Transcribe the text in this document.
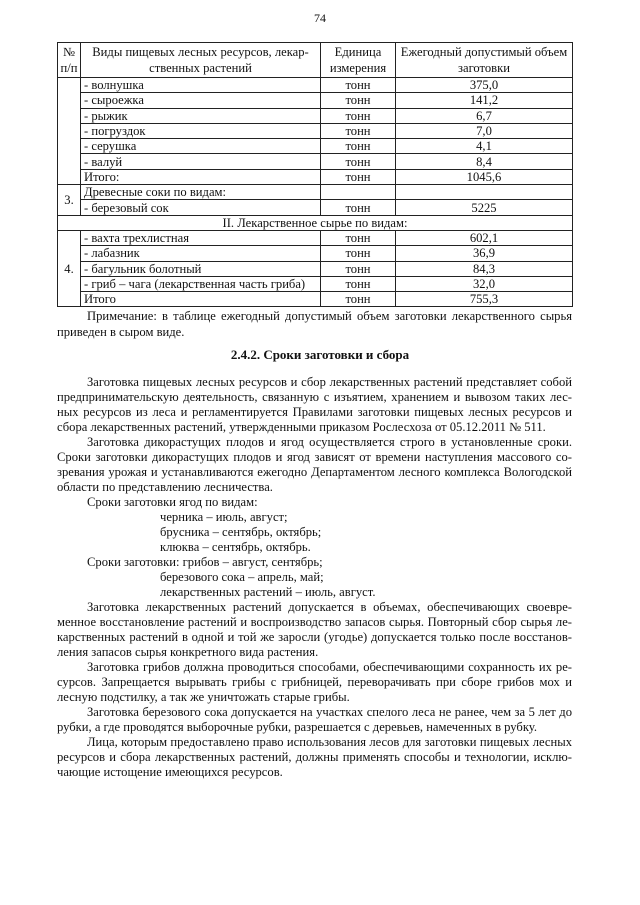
74
№ п/п	Виды пищевых лесных ресурсов, лекар-ственных растений	Единица измерения	Ежегодный допустимый объем заготовки
	- волнушка	тонн	375,0
	- сыроежка	тонн	141,2
	- рыжик	тонн	6,7
	- погруздок	тонн	7,0
	- серушка	тонн	4,1
	- валуй	тонн	8,4
	Итого:	тонн	1045,6
3.	Древесные соки по видам:		
	- березовый сок	тонн	5225
II. Лекарственное сырье по видам:			
4.	- вахта трехлистная	тонн	602,1
	- лабазник	тонн	36,9
	- багульник болотный	тонн	84,3
	- гриб – чага (лекарственная часть гриба)	тонн	32,0
	Итого	тонн	755,3
Примечание: в таблице ежегодный допустимый объем заготовки лекарственного сырья
приведен в сыром виде.
2.4.2. Сроки заготовки и сбора
Заготовка пищевых лесных ресурсов и сбор лекарственных растений представляет собой
предпринимательскую деятельность, связанную с изъятием, хранением и вывозом таких лес-
ных ресурсов из леса и регламентируется Правилами заготовки пищевых лесных ресурсов и
сбора лекарственных растений, утвержденными приказом Рослесхоза от 05.12.2011 № 511.
Заготовка дикорастущих плодов и ягод осуществляется строго в установленные сроки.
Сроки заготовки дикорастущих плодов и ягод зависят от времени наступления массового со-
зревания урожая и устанавливаются ежегодно Департаментом лесного комплекса Вологодской
области по представлению лесничества.
Сроки заготовки ягод по видам:
черника – июль, август;
брусника – сентябрь, октябрь;
клюква – сентябрь, октябрь.
Сроки заготовки: грибов – август, сентябрь;
березового сока – апрель, май;
лекарственных растений – июль, август.
Заготовка лекарственных растений допускается в объемах, обеспечивающих своевре-
менное восстановление растений и воспроизводство запасов сырья. Повторный сбор сырья ле-
карственных растений в одной и той же заросли (угодье) допускается только после восстанов-
ления запасов сырья конкретного вида растения.
Заготовка грибов должна проводиться способами, обеспечивающими сохранность их ре-
сурсов. Запрещается вырывать грибы с грибницей, переворачивать при сборе грибов мох и
лесную подстилку, а так же уничтожать старые грибы.
Заготовка березового сока допускается на участках спелого леса не ранее, чем за 5 лет до
рубки, а где проводятся выборочные рубки, разрешается с деревьев, намеченных в рубку.
Лица, которым предоставлено право использования лесов для заготовки пищевых лесных
ресурсов и сбора лекарственных растений, должны применять способы и технологии, исклю-
чающие истощение имеющихся ресурсов.
